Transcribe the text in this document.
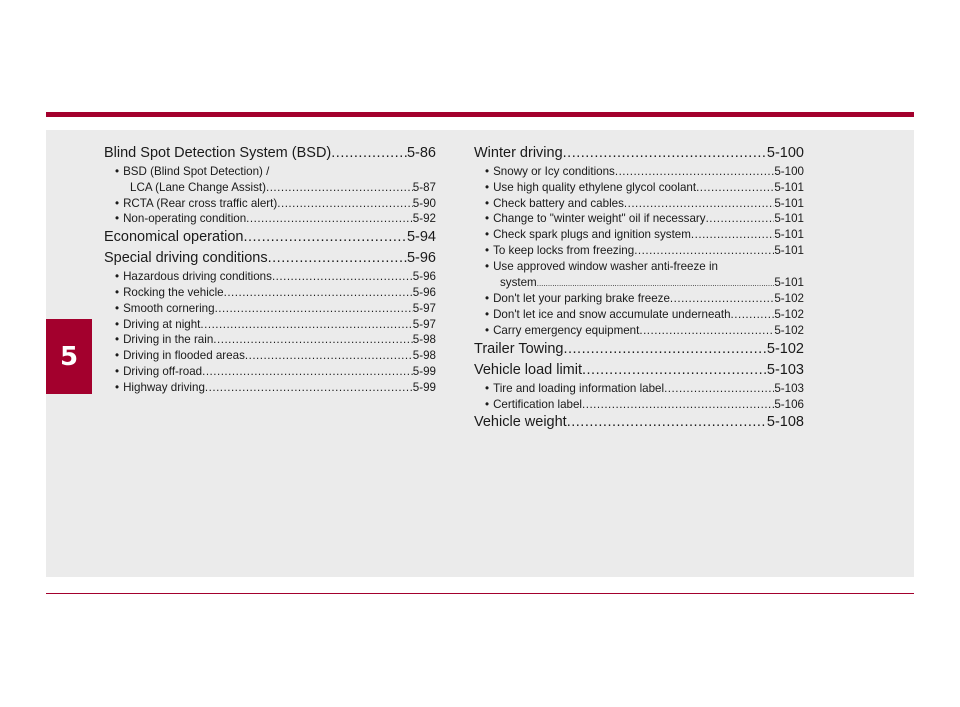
5
Blind Spot Detection System (BSD) .....	5-86
• BSD (Blind Spot Detection) /
LCA (Lane Change Assist) .....	5-87
• RCTA (Rear cross traffic alert) .....	5-90
• Non-operating condition .....	5-92
Economical operation .....	5-94
Special driving conditions .....	5-96
• Hazardous driving conditions .....	5-96
• Rocking the vehicle .....	5-96
• Smooth cornering .....	5-97
• Driving at night .....	5-97
• Driving in the rain .....	5-98
• Driving in flooded areas .....	5-98
• Driving off-road .....	5-99
• Highway driving .....	5-99
Winter driving .....	5-100
• Snowy or Icy conditions .....	5-100
• Use high quality ethylene glycol coolant .....	5-101
• Check battery and cables .....	5-101
• Change to "winter weight" oil if necessary .....	5-101
• Check spark plugs and ignition system .....	5-101
• To keep locks from freezing .....	5-101
• Use approved window washer anti-freeze in
system .....	5-101
• Don't let your parking brake freeze .....	5-102
• Don't let ice and snow accumulate underneath .....	5-102
• Carry emergency equipment .....	5-102
Trailer Towing .....	5-102
Vehicle load limit .....	5-103
• Tire and loading information label .....	5-103
• Certification label .....	5-106
Vehicle weight .....	5-108
